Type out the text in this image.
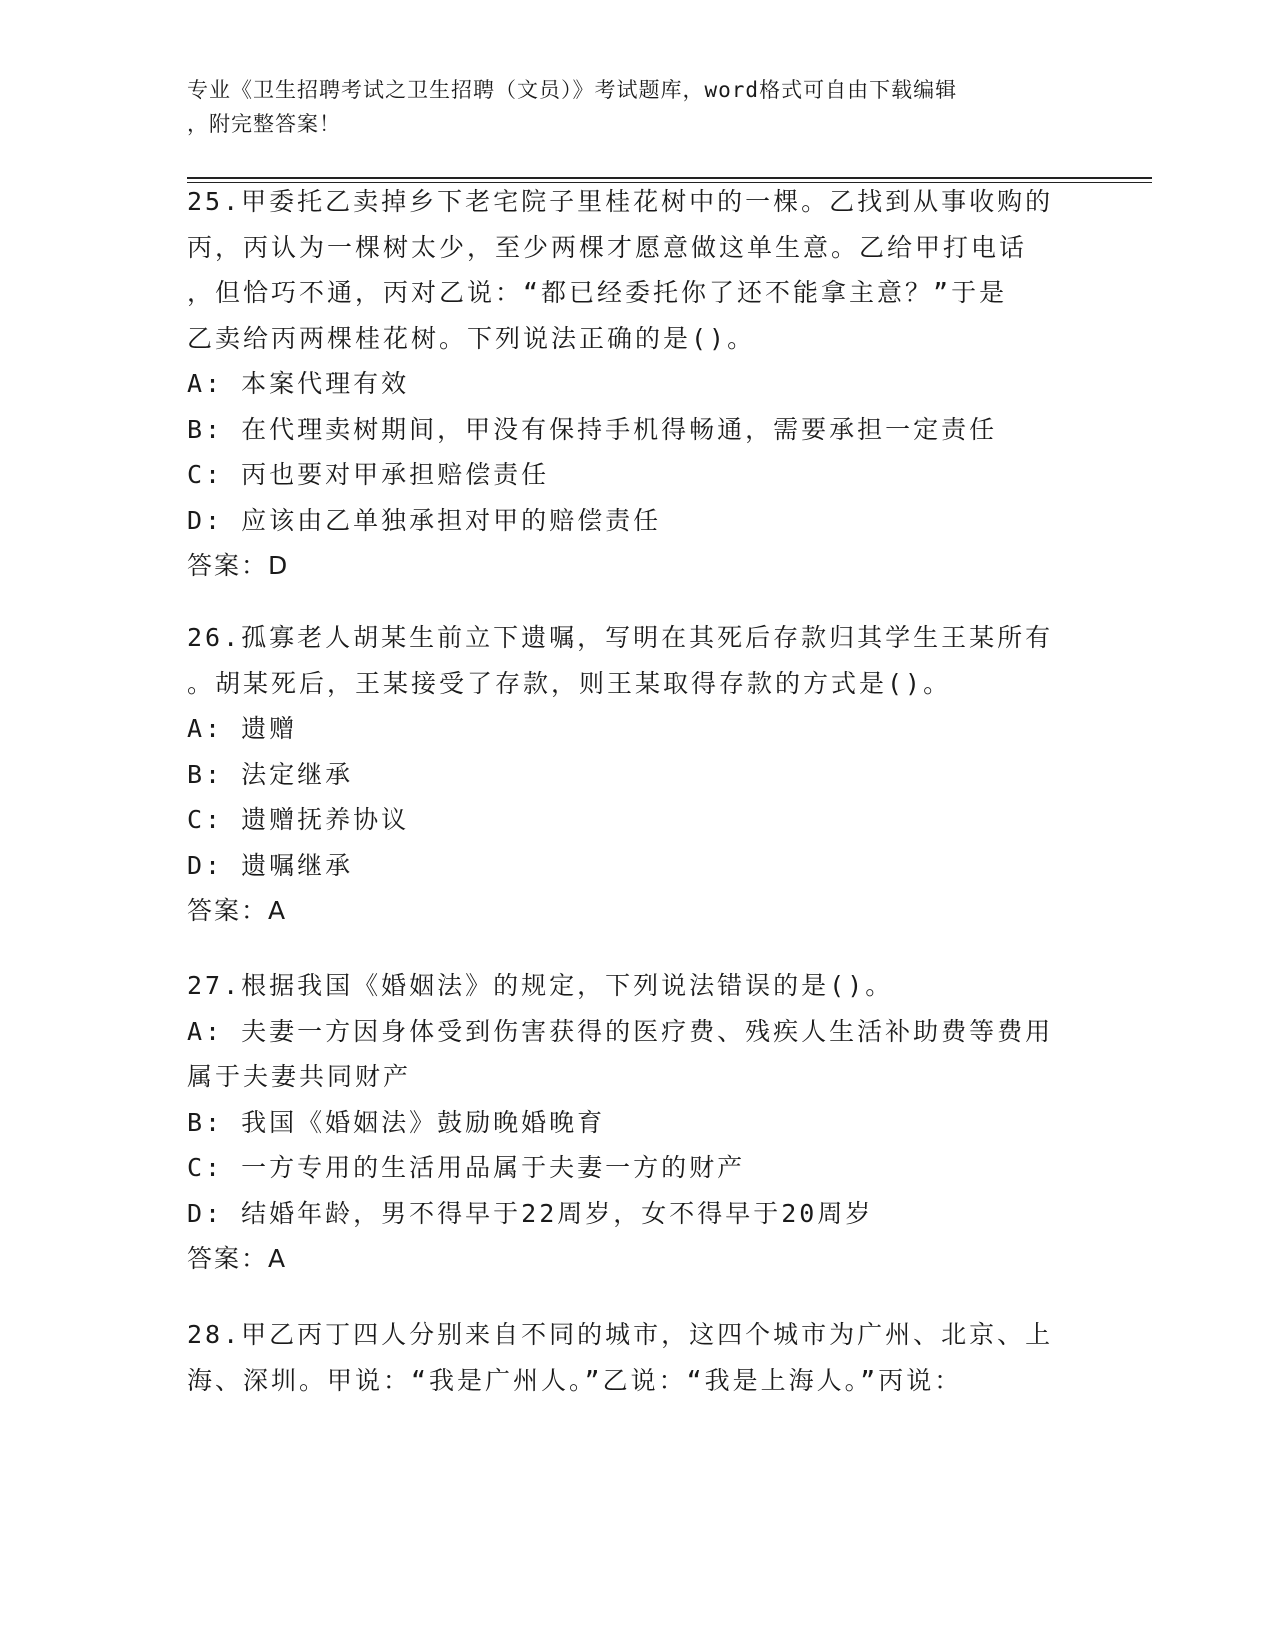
专业《卫生招聘考试之卫生招聘（文员）》考试题库，word格式可自由下载编辑
，附完整答案！
25.甲委托乙卖掉乡下老宅院子里桂花树中的一棵。乙找到从事收购的
丙，丙认为一棵树太少，至少两棵才愿意做这单生意。乙给甲打电话
，但恰巧不通，丙对乙说：“都已经委托你了还不能拿主意？”于是
乙卖给丙两棵桂花树。下列说法正确的是()。
A: 本案代理有效
B: 在代理卖树期间，甲没有保持手机得畅通，需要承担一定责任
C: 丙也要对甲承担赔偿责任
D: 应该由乙单独承担对甲的赔偿责任
答案：D
26.孤寡老人胡某生前立下遗嘱，写明在其死后存款归其学生王某所有
。胡某死后，王某接受了存款，则王某取得存款的方式是()。
A: 遗赠
B: 法定继承
C: 遗赠抚养协议
D: 遗嘱继承
答案：A
27.根据我国《婚姻法》的规定，下列说法错误的是()。
A: 夫妻一方因身体受到伤害获得的医疗费、残疾人生活补助费等费用
属于夫妻共同财产
B: 我国《婚姻法》鼓励晚婚晚育
C: 一方专用的生活用品属于夫妻一方的财产
D: 结婚年龄，男不得早于22周岁，女不得早于20周岁
答案：A
28.甲乙丙丁四人分别来自不同的城市，这四个城市为广州、北京、上
海、深圳。甲说：“我是广州人。”乙说：“我是上海人。”丙说：
